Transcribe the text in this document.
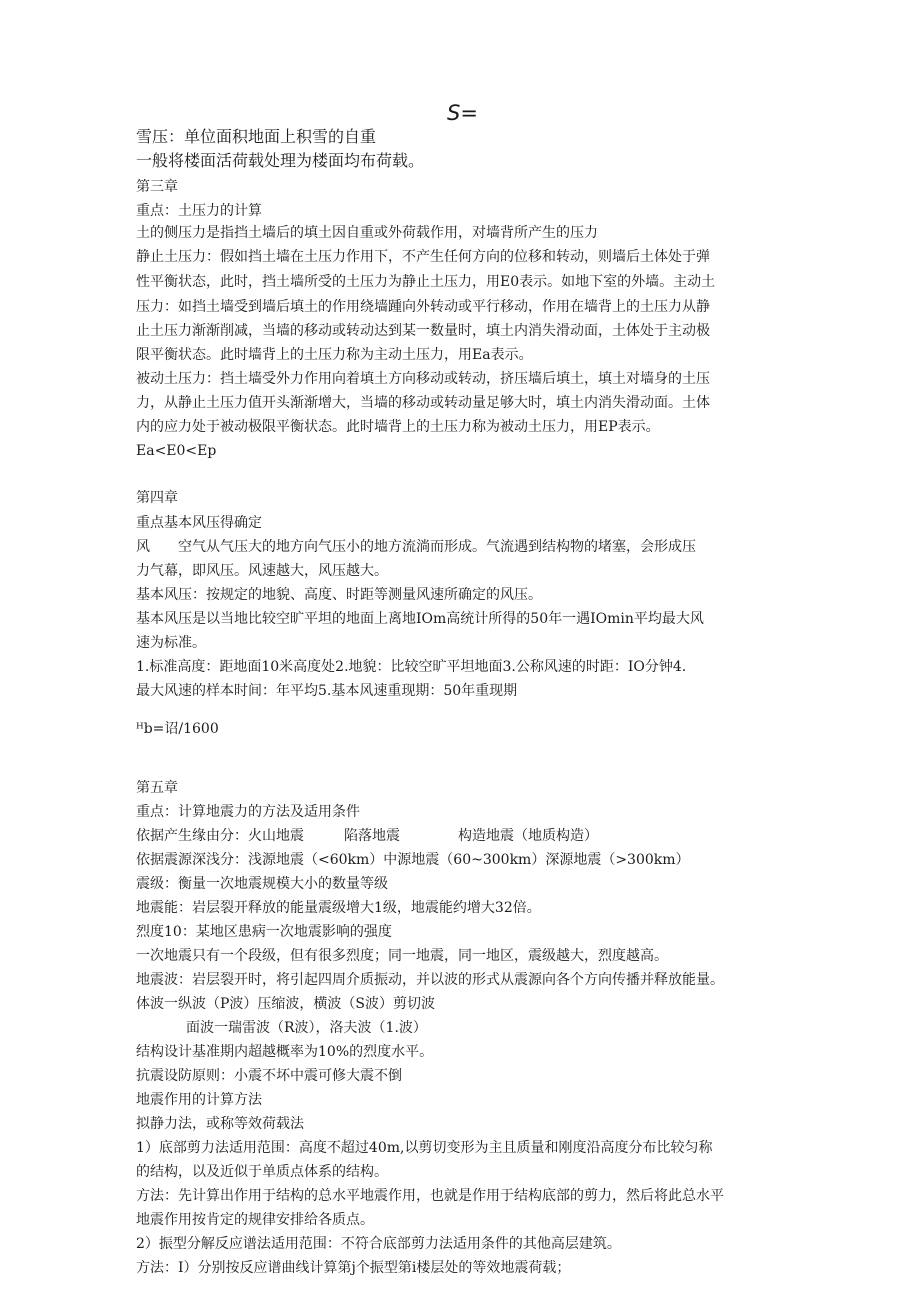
S=
雪压：单位面积地面上积雪的自重
一般将楼面活荷载处理为楼面均布荷载。
第三章
重点：土压力的计算
土的侧压力是指挡土墙后的填土因自重或外荷载作用，对墙背所产生的压力
静止土压力：假如挡土墙在土压力作用下，不产生任何方向的位移和转动，则墙后土体处于弹
性平衡状态，此时，挡土墙所受的土压力为静止土压力，用E0表示。如地下室的外墙。主动土
压力：如挡土墙受到墙后填土的作用绕墙踵向外转动或平行移动，作用在墙背上的土压力从静
止土压力渐渐削减，当墙的移动或转动达到某一数量时，填土内消失滑动面，土体处于主动极
限平衡状态。此时墙背上的土压力称为主动土压力，用Ea表示。
被动土压力：挡土墙受外力作用向着填土方向移动或转动，挤压墙后填土，填土对墙身的土压
力，从静止土压力值开头渐渐增大，当墙的移动或转动量足够大时，填土内消失滑动面。土体
内的应力处于被动极限平衡状态。此时墙背上的土压力称为被动土压力，用EP表示。
Ea<E0<Ep
第四章
重点基本风压得确定
风 空气从气压大的地方向气压小的地方流淌而形成。气流遇到结构物的堵塞，会形成压
力气幕，即风压。风速越大，风压越大。
基本风压：按规定的地貌、高度、时距等测量风速所确定的风压。
基本风压是以当地比较空旷平坦的地面上离地IOm高统计所得的50年一遇IOmin平均最大风
速为标准。
1.标准高度：距地面10米高度处2.地貌：比较空旷平坦地面3.公称风速的时距：IO分钟4.
最大风速的样本时间：年平均5.基本风速重现期：50年重现期
ᴴb=诏/1600
第五章
重点：计算地震力的方法及适用条件
依据产生缘由分：火山地震	陷落地震	构造地震（地质构造）
依据震源深浅分：浅源地震（<60km）中源地震（60~300km）深源地震（>300km）
震级：衡量一次地震规模大小的数量等级
地震能：岩层裂开释放的能量震级增大1级，地震能约增大32倍。
烈度10：某地区患病一次地震影响的强度
一次地震只有一个段级，但有很多烈度；同一地震，同一地区，震级越大，烈度越高。
地震波：岩层裂开时，将引起四周介质振动，并以波的形式从震源向各个方向传播并释放能量。
体波一纵波（P波）压缩波，横波（S波）剪切波
面波一瑞雷波（R波），洛夫波（1.波）
结构设计基准期内超越概率为10%的烈度水平。
抗震设防原则：小震不坏中震可修大震不倒
地震作用的计算方法
拟静力法，或称等效荷载法
1）底部剪力法适用范围：高度不超过40m,以剪切变形为主且质量和刚度沿高度分布比较匀称
的结构，以及近似于单质点体系的结构。
方法：先计算出作用于结构的总水平地震作用，也就是作用于结构底部的剪力，然后将此总水平
地震作用按肯定的规律安排给各质点。
2）振型分解反应谱法适用范围：不符合底部剪力法适用条件的其他高层建筑。
方法：I）分别按反应谱曲线计算第j个振型第i楼层处的等效地震荷载；
